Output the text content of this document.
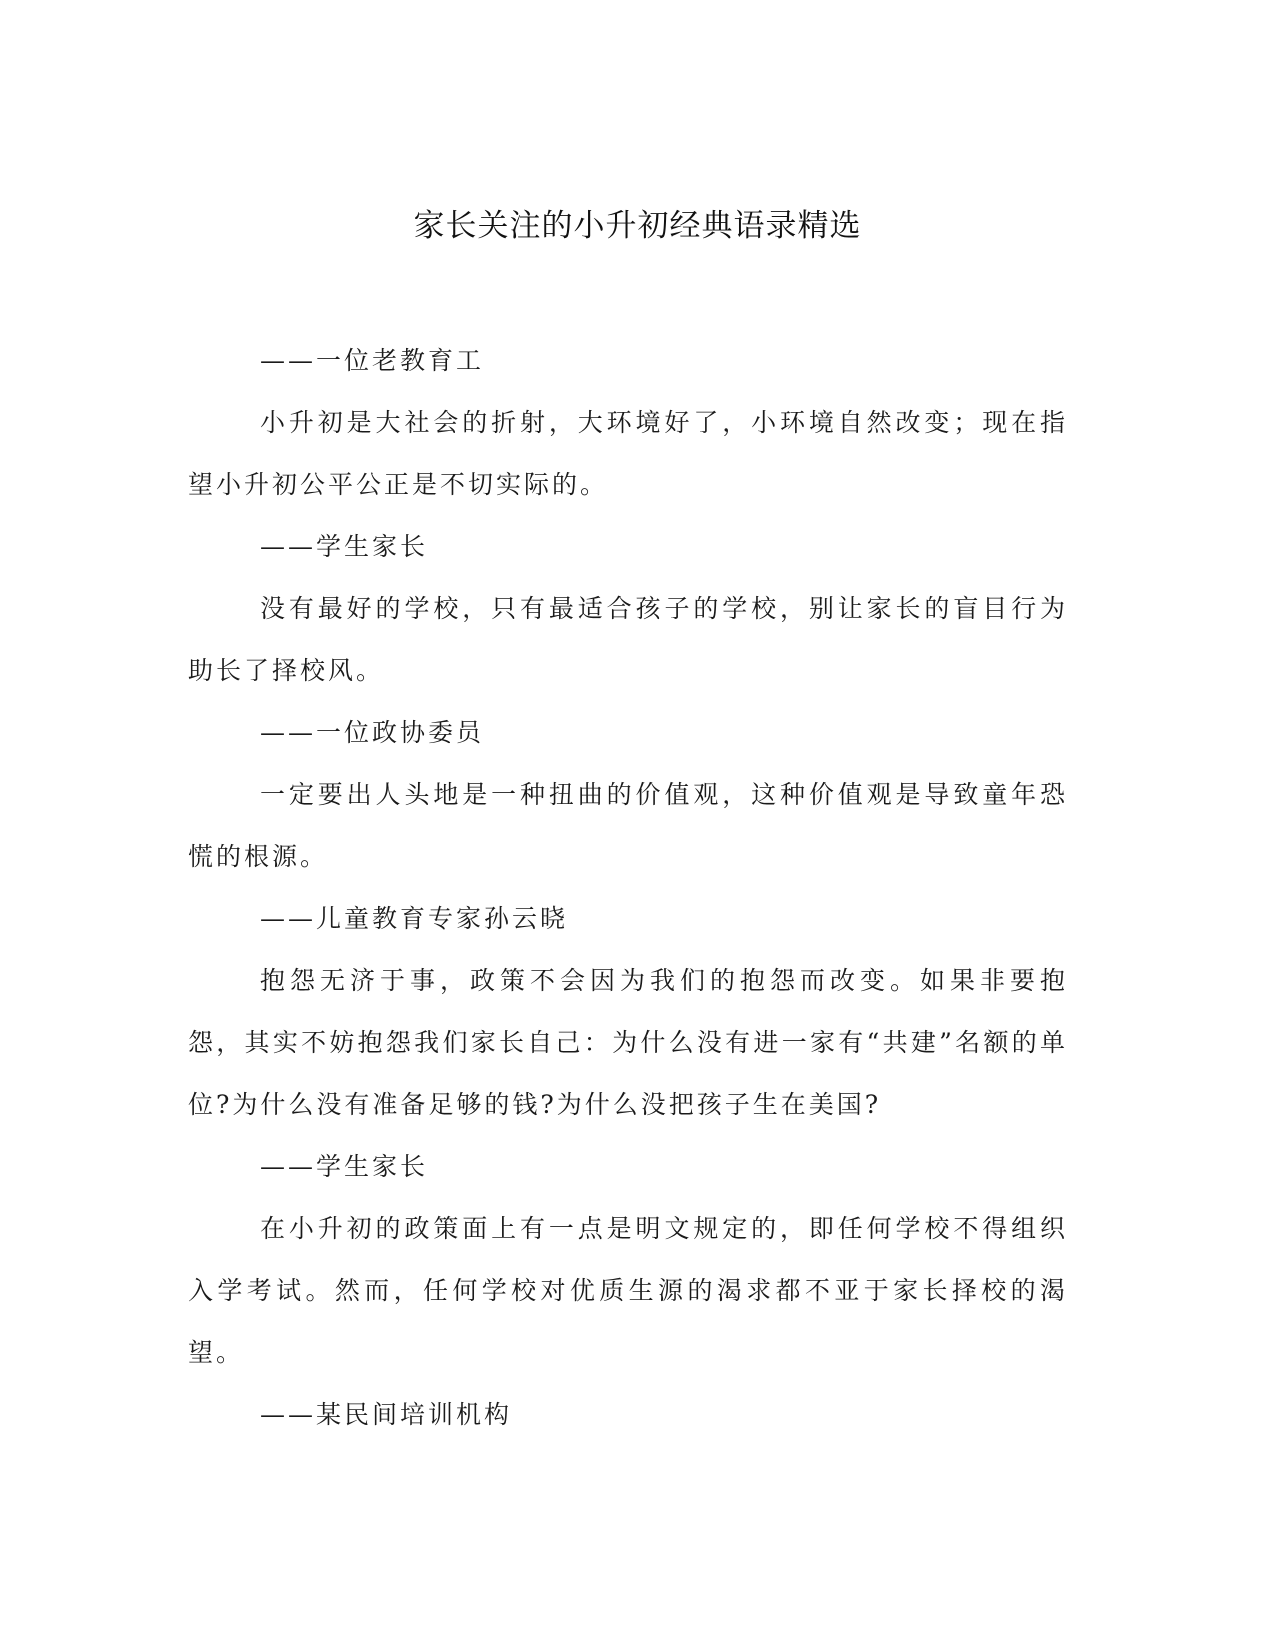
家长关注的小升初经典语录精选

——一位老教育工

小升初是大社会的折射，大环境好了，小环境自然改变；现在指望小升初公平公正是不切实际的。

——学生家长

没有最好的学校，只有最适合孩子的学校，别让家长的盲目行为助长了择校风。

——一位政协委员

一定要出人头地是一种扭曲的价值观，这种价值观是导致童年恐慌的根源。

——儿童教育专家孙云晓

抱怨无济于事，政策不会因为我们的抱怨而改变。如果非要抱怨，其实不妨抱怨我们家长自己：为什么没有进一家有“共建”名额的单位?为什么没有准备足够的钱?为什么没把孩子生在美国?

——学生家长

在小升初的政策面上有一点是明文规定的，即任何学校不得组织入学考试。然而，任何学校对优质生源的渴求都不亚于家长择校的渴望。

——某民间培训机构
